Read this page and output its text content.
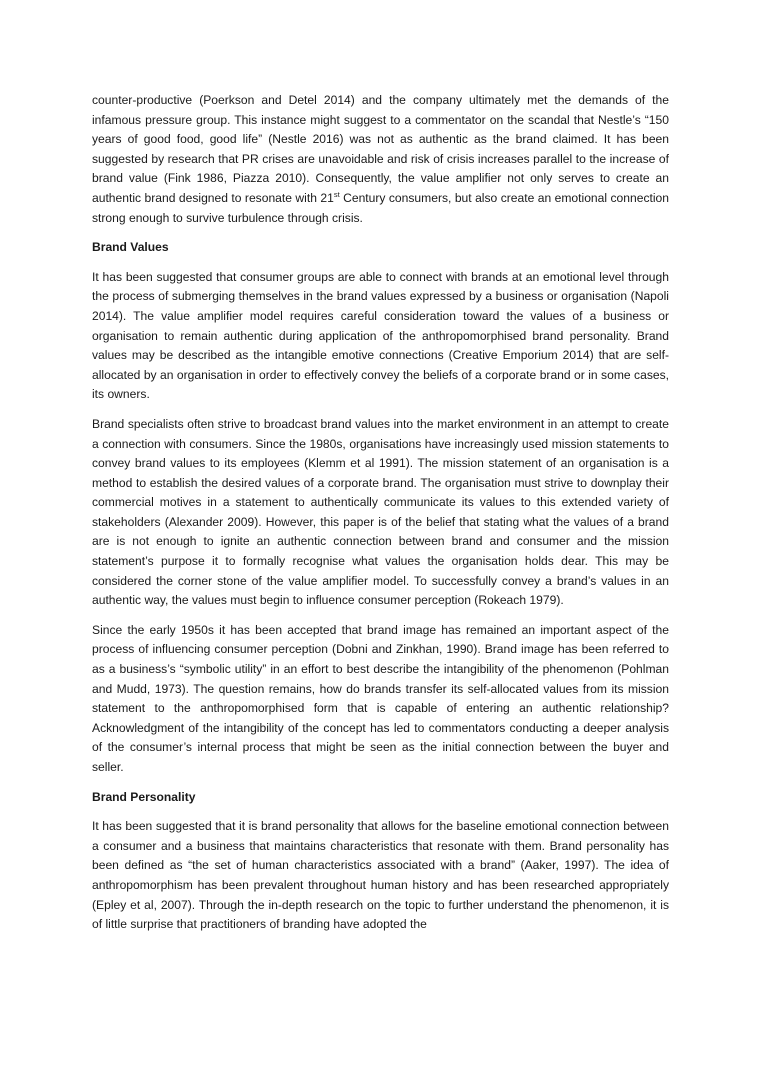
counter-productive (Poerkson and Detel 2014) and the company ultimately met the demands of the infamous pressure group. This instance might suggest to a commentator on the scandal that Nestle’s “150 years of good food, good life” (Nestle 2016) was not as authentic as the brand claimed. It has been suggested by research that PR crises are unavoidable and risk of crisis increases parallel to the increase of brand value (Fink 1986, Piazza 2010). Consequently, the value amplifier not only serves to create an authentic brand designed to resonate with 21st Century consumers, but also create an emotional connection strong enough to survive turbulence through crisis.

Brand Values

It has been suggested that consumer groups are able to connect with brands at an emotional level through the process of submerging themselves in the brand values expressed by a business or organisation (Napoli 2014). The value amplifier model requires careful consideration toward the values of a business or organisation to remain authentic during application of the anthropomorphised brand personality. Brand values may be described as the intangible emotive connections (Creative Emporium 2014) that are self-allocated by an organisation in order to effectively convey the beliefs of a corporate brand or in some cases, its owners.

Brand specialists often strive to broadcast brand values into the market environment in an attempt to create a connection with consumers. Since the 1980s, organisations have increasingly used mission statements to convey brand values to its employees (Klemm et al 1991). The mission statement of an organisation is a method to establish the desired values of a corporate brand. The organisation must strive to downplay their commercial motives in a statement to authentically communicate its values to this extended variety of stakeholders (Alexander 2009). However, this paper is of the belief that stating what the values of a brand are is not enough to ignite an authentic connection between brand and consumer and the mission statement’s purpose it to formally recognise what values the organisation holds dear. This may be considered the corner stone of the value amplifier model. To successfully convey a brand’s values in an authentic way, the values must begin to influence consumer perception (Rokeach 1979).

Since the early 1950s it has been accepted that brand image has remained an important aspect of the process of influencing consumer perception (Dobni and Zinkhan, 1990). Brand image has been referred to as a business’s “symbolic utility” in an effort to best describe the intangibility of the phenomenon (Pohlman and Mudd, 1973). The question remains, how do brands transfer its self-allocated values from its mission statement to the anthropomorphised form that is capable of entering an authentic relationship? Acknowledgment of the intangibility of the concept has led to commentators conducting a deeper analysis of the consumer’s internal process that might be seen as the initial connection between the buyer and seller.

Brand Personality

It has been suggested that it is brand personality that allows for the baseline emotional connection between a consumer and a business that maintains characteristics that resonate with them. Brand personality has been defined as “the set of human characteristics associated with a brand” (Aaker, 1997). The idea of anthropomorphism has been prevalent throughout human history and has been researched appropriately (Epley et al, 2007). Through the in-depth research on the topic to further understand the phenomenon, it is of little surprise that practitioners of branding have adopted the
